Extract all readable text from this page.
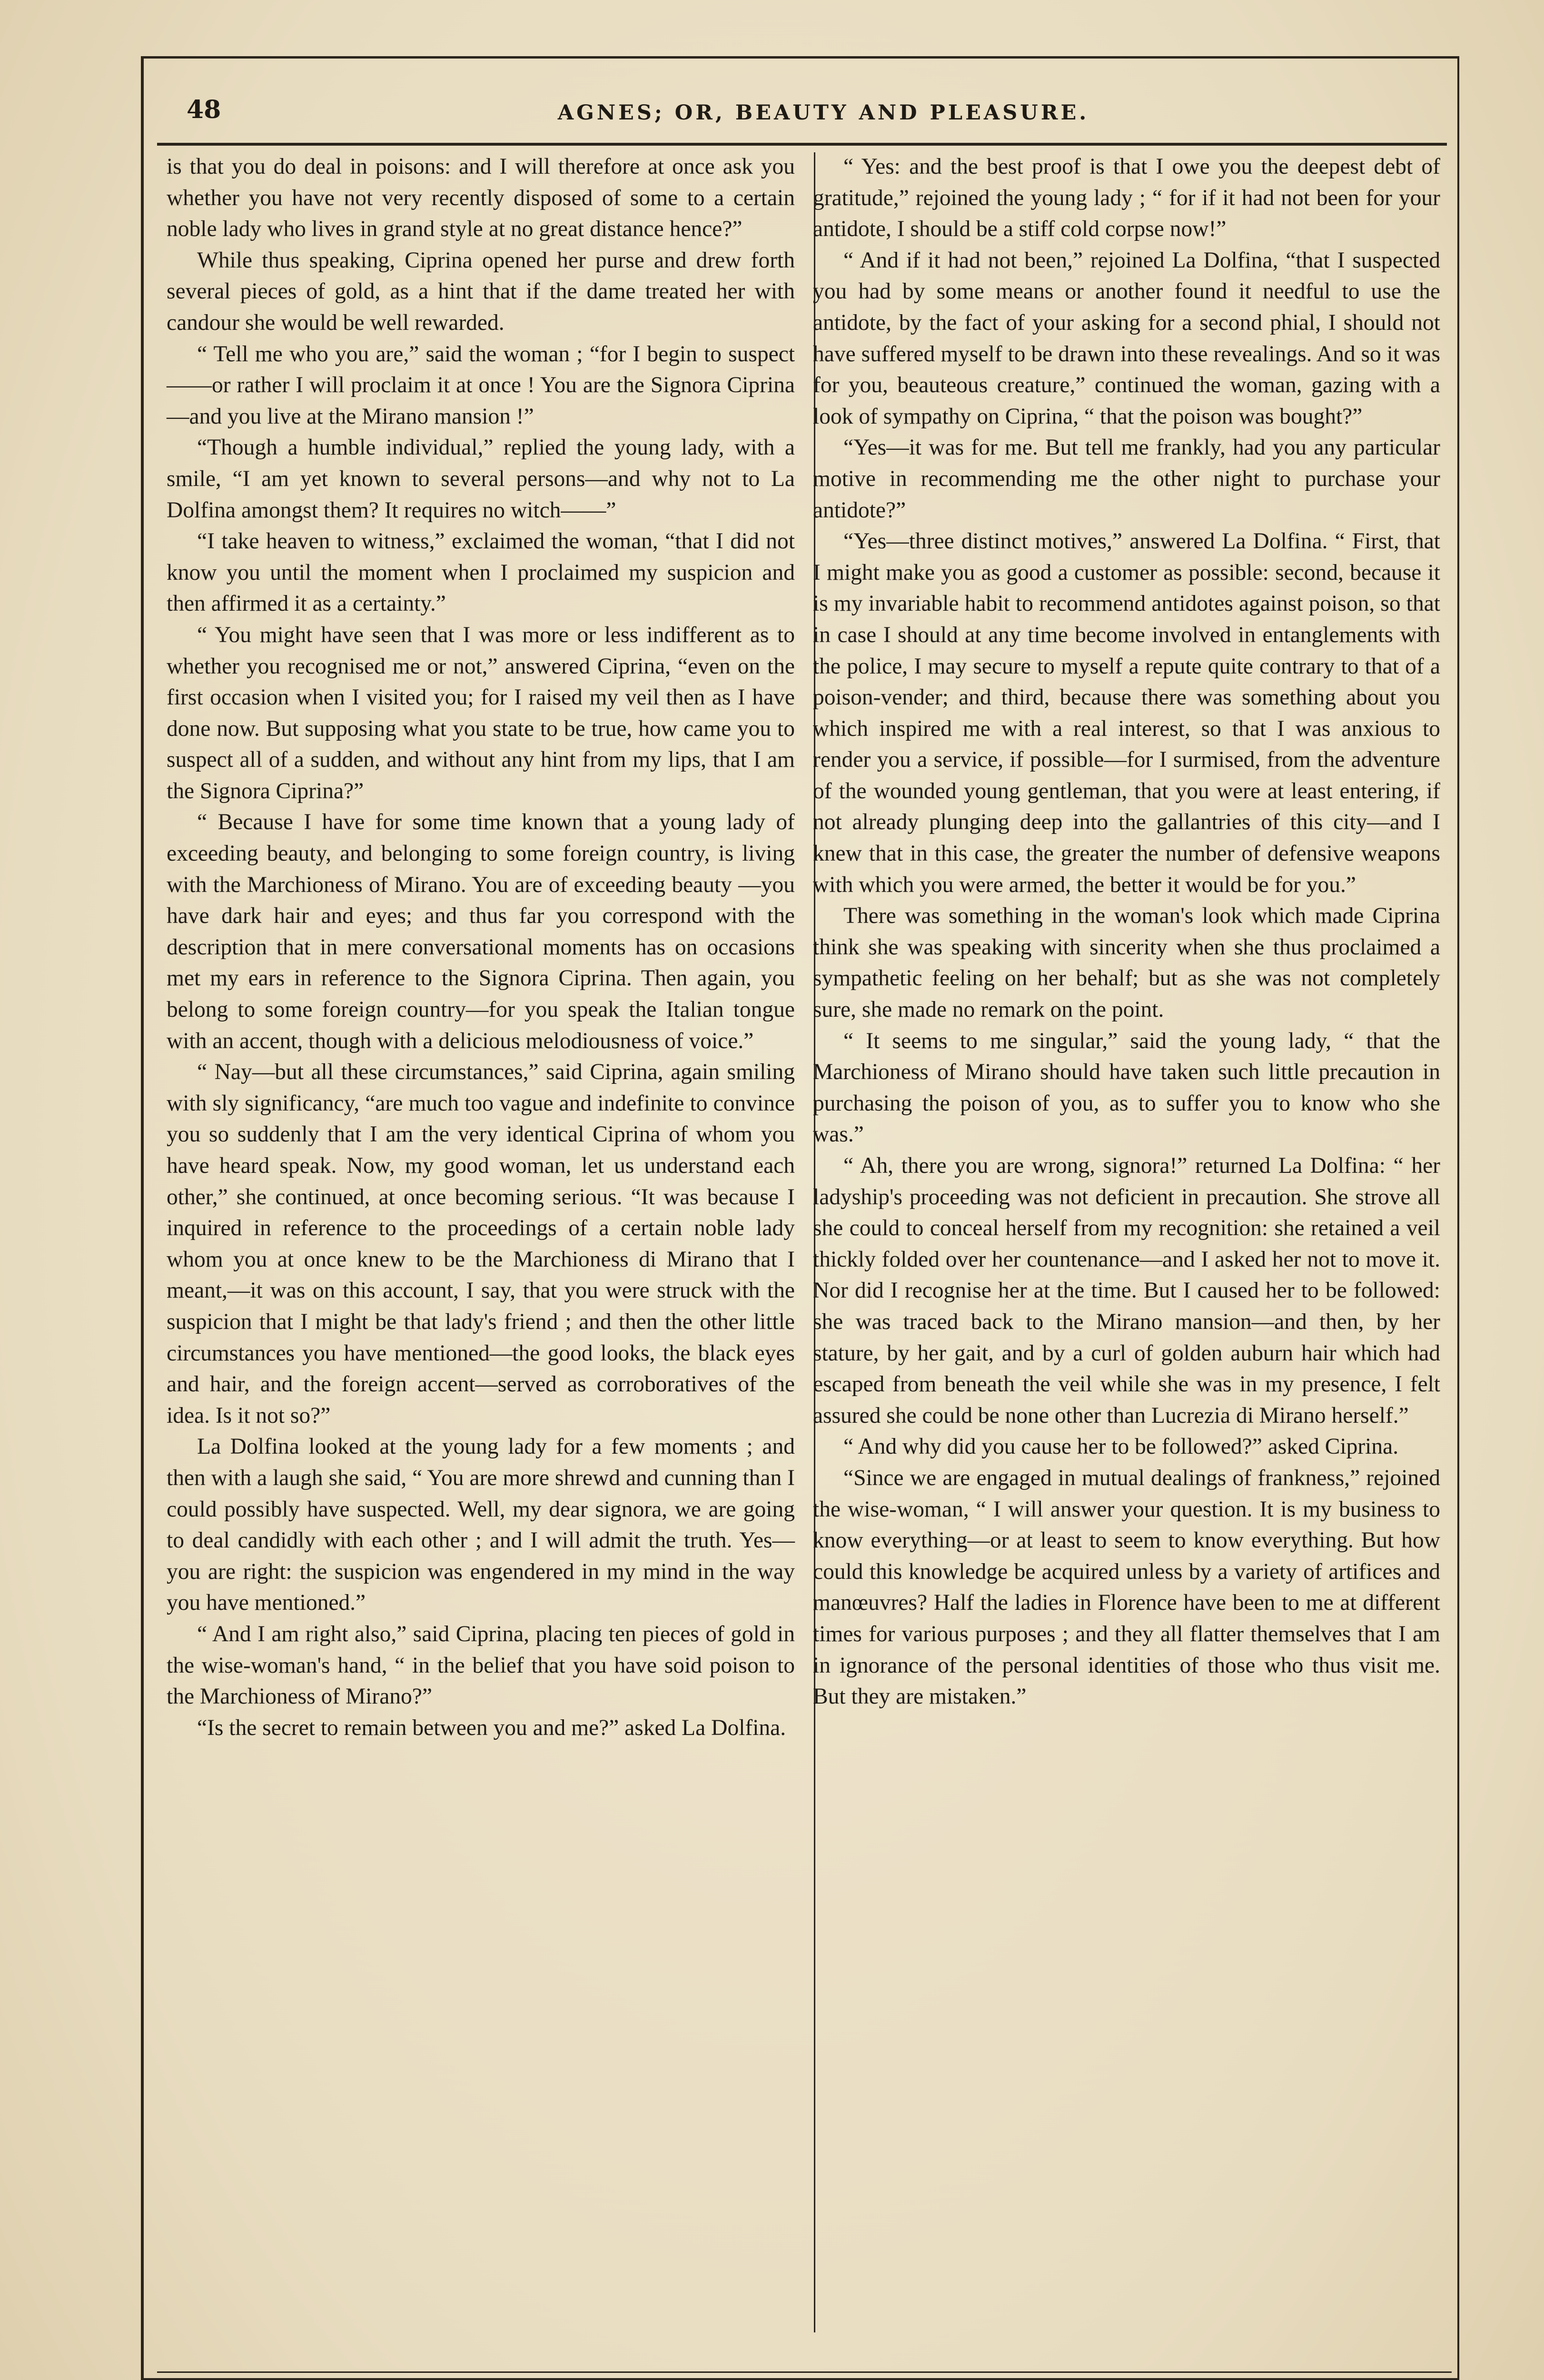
48	AGNES; OR, BEAUTY AND PLEASURE.

is that you do deal in poisons: and I will therefore at once ask you whether you have not very recently disposed of some to a certain noble lady who lives in grand style at no great distance hence?”

While thus speaking, Ciprina opened her purse and drew forth several pieces of gold, as a hint that if the dame treated her with candour she would be well rewarded.

“ Tell me who you are,” said the woman ; “for I begin to suspect——or rather I will proclaim it at once ! You are the Signora Ciprina—and you live at the Mirano mansion !”

“Though a humble individual,” replied the young lady, with a smile, “I am yet known to several persons—and why not to La Dolfina amongst them? It requires no witch——”

“I take heaven to witness,” exclaimed the woman, “that I did not know you until the moment when I proclaimed my suspicion and then affirmed it as a certainty.”

“ You might have seen that I was more or less indifferent as to whether you recognised me or not,” answered Ciprina, “even on the first occasion when I visited you; for I raised my veil then as I have done now. But supposing what you state to be true, how came you to suspect all of a sudden, and without any hint from my lips, that I am the Signora Ciprina?”

“ Because I have for some time known that a young lady of exceeding beauty, and belonging to some foreign country, is living with the Marchioness of Mirano. You are of exceeding beauty —you have dark hair and eyes; and thus far you correspond with the description that in mere conversational moments has on occasions met my ears in reference to the Signora Ciprina. Then again, you belong to some foreign country—for you speak the Italian tongue with an accent, though with a delicious melodiousness of voice.”

“ Nay—but all these circumstances,” said Ciprina, again smiling with sly significancy, “are much too vague and indefinite to convince you so suddenly that I am the very identical Ciprina of whom you have heard speak. Now, my good woman, let us understand each other,” she continued, at once becoming serious. “It was because I inquired in reference to the proceedings of a certain noble lady whom you at once knew to be the Marchioness di Mirano that I meant,—it was on this account, I say, that you were struck with the suspicion that I might be that lady's friend ; and then the other little circumstances you have mentioned—the good looks, the black eyes and hair, and the foreign accent—served as corroboratives of the idea. Is it not so?”

La Dolfina looked at the young lady for a few moments ; and then with a laugh she said, “ You are more shrewd and cunning than I could possibly have suspected. Well, my dear signora, we are going to deal candidly with each other ; and I will admit the truth. Yes—you are right: the suspicion was engendered in my mind in the way you have mentioned.”

“ And I am right also,” said Ciprina, placing ten pieces of gold in the wise-woman's hand, “ in the belief that you have soid poison to the Marchioness of Mirano?”

“Is the secret to remain between you and me?” asked La Dolfina.

“ Yes: and the best proof is that I owe you the deepest debt of gratitude,” rejoined the young lady ; “ for if it had not been for your antidote, I should be a stiff cold corpse now!”

“ And if it had not been,” rejoined La Dolfina, “that I suspected you had by some means or another found it needful to use the antidote, by the fact of your asking for a second phial, I should not have suffered myself to be drawn into these revealings. And so it was for you, beauteous creature,” continued the woman, gazing with a look of sympathy on Ciprina, “ that the poison was bought?”

“Yes—it was for me. But tell me frankly, had you any particular motive in recommending me the other night to purchase your antidote?”

“Yes—three distinct motives,” answered La Dolfina. “ First, that I might make you as good a customer as possible: second, because it is my invariable habit to recommend antidotes against poison, so that in case I should at any time become involved in entanglements with the police, I may secure to myself a repute quite contrary to that of a poison-vender; and third, because there was something about you which inspired me with a real interest, so that I was anxious to render you a service, if possible—for I surmised, from the adventure of the wounded young gentleman, that you were at least entering, if not already plunging deep into the gallantries of this city—and I knew that in this case, the greater the number of defensive weapons with which you were armed, the better it would be for you.”

There was something in the woman's look which made Ciprina think she was speaking with sincerity when she thus proclaimed a sympathetic feeling on her behalf; but as she was not completely sure, she made no remark on the point.

“ It seems to me singular,” said the young lady, “ that the Marchioness of Mirano should have taken such little precaution in purchasing the poison of you, as to suffer you to know who she was.”

“ Ah, there you are wrong, signora!” returned La Dolfina: “ her ladyship's proceeding was not deficient in precaution. She strove all she could to conceal herself from my recognition: she retained a veil thickly folded over her countenance—and I asked her not to move it. Nor did I recognise her at the time. But I caused her to be followed: she was traced back to the Mirano mansion—and then, by her stature, by her gait, and by a curl of golden auburn hair which had escaped from beneath the veil while she was in my presence, I felt assured she could be none other than Lucrezia di Mirano herself.”

“ And why did you cause her to be followed?” asked Ciprina.

“Since we are engaged in mutual dealings of frankness,” rejoined the wise-woman, “ I will answer your question. It is my business to know everything—or at least to seem to know everything. But how could this knowledge be acquired unless by a variety of artifices and manœuvres? Half the ladies in Florence have been to me at different times for various purposes ; and they all flatter themselves that I am in ignorance of the personal identities of those who thus visit me. But they are mistaken.”
